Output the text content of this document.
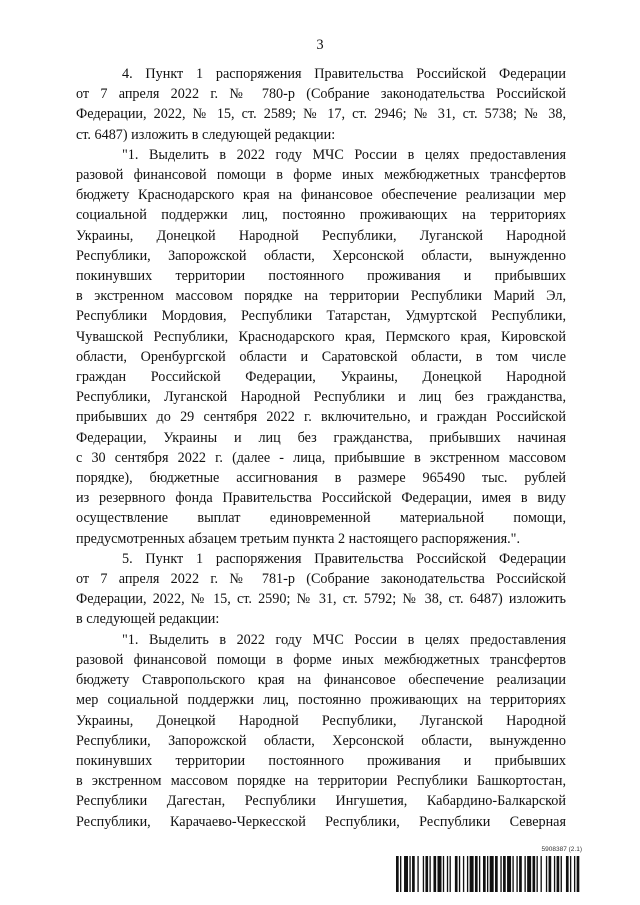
3

4. Пункт 1 распоряжения Правительства Российской Федерации
от 7 апреля 2022 г. № 780-р (Собрание законодательства Российской
Федерации, 2022, № 15, ст. 2589; № 17, ст. 2946; № 31, ст. 5738; № 38,
ст. 6487) изложить в следующей редакции:

"1. Выделить в 2022 году МЧС России в целях предоставления
разовой финансовой помощи в форме иных межбюджетных трансфертов
бюджету Краснодарского края на финансовое обеспечение реализации мер
социальной поддержки лиц, постоянно проживающих на территориях
Украины, Донецкой Народной Республики, Луганской Народной
Республики, Запорожской области, Херсонской области, вынужденно
покинувших территории постоянного проживания и прибывших
в экстренном массовом порядке на территории Республики Марий Эл,
Республики Мордовия, Республики Татарстан, Удмуртской Республики,
Чувашской Республики, Краснодарского края, Пермского края, Кировской
области, Оренбургской области и Саратовской области, в том числе
граждан Российской Федерации, Украины, Донецкой Народной
Республики, Луганской Народной Республики и лиц без гражданства,
прибывших до 29 сентября 2022 г. включительно, и граждан Российской
Федерации, Украины и лиц без гражданства, прибывших начиная
с 30 сентября 2022 г. (далее - лица, прибывшие в экстренном массовом
порядке), бюджетные ассигнования в размере 965490 тыс. рублей
из резервного фонда Правительства Российской Федерации, имея в виду
осуществление выплат единовременной материальной помощи,
предусмотренных абзацем третьим пункта 2 настоящего распоряжения.".

5. Пункт 1 распоряжения Правительства Российской Федерации
от 7 апреля 2022 г. № 781-р (Собрание законодательства Российской
Федерации, 2022, № 15, ст. 2590; № 31, ст. 5792; № 38, ст. 6487) изложить
в следующей редакции:

"1. Выделить в 2022 году МЧС России в целях предоставления
разовой финансовой помощи в форме иных межбюджетных трансфертов
бюджету Ставропольского края на финансовое обеспечение реализации
мер социальной поддержки лиц, постоянно проживающих на территориях
Украины, Донецкой Народной Республики, Луганской Народной
Республики, Запорожской области, Херсонской области, вынужденно
покинувших территории постоянного проживания и прибывших
в экстренном массовом порядке на территории Республики Башкортостан,
Республики Дагестан, Республики Ингушетия, Кабардино-Балкарской
Республики, Карачаево-Черкесской Республики, Республики Северная

5908387 (2.1)
